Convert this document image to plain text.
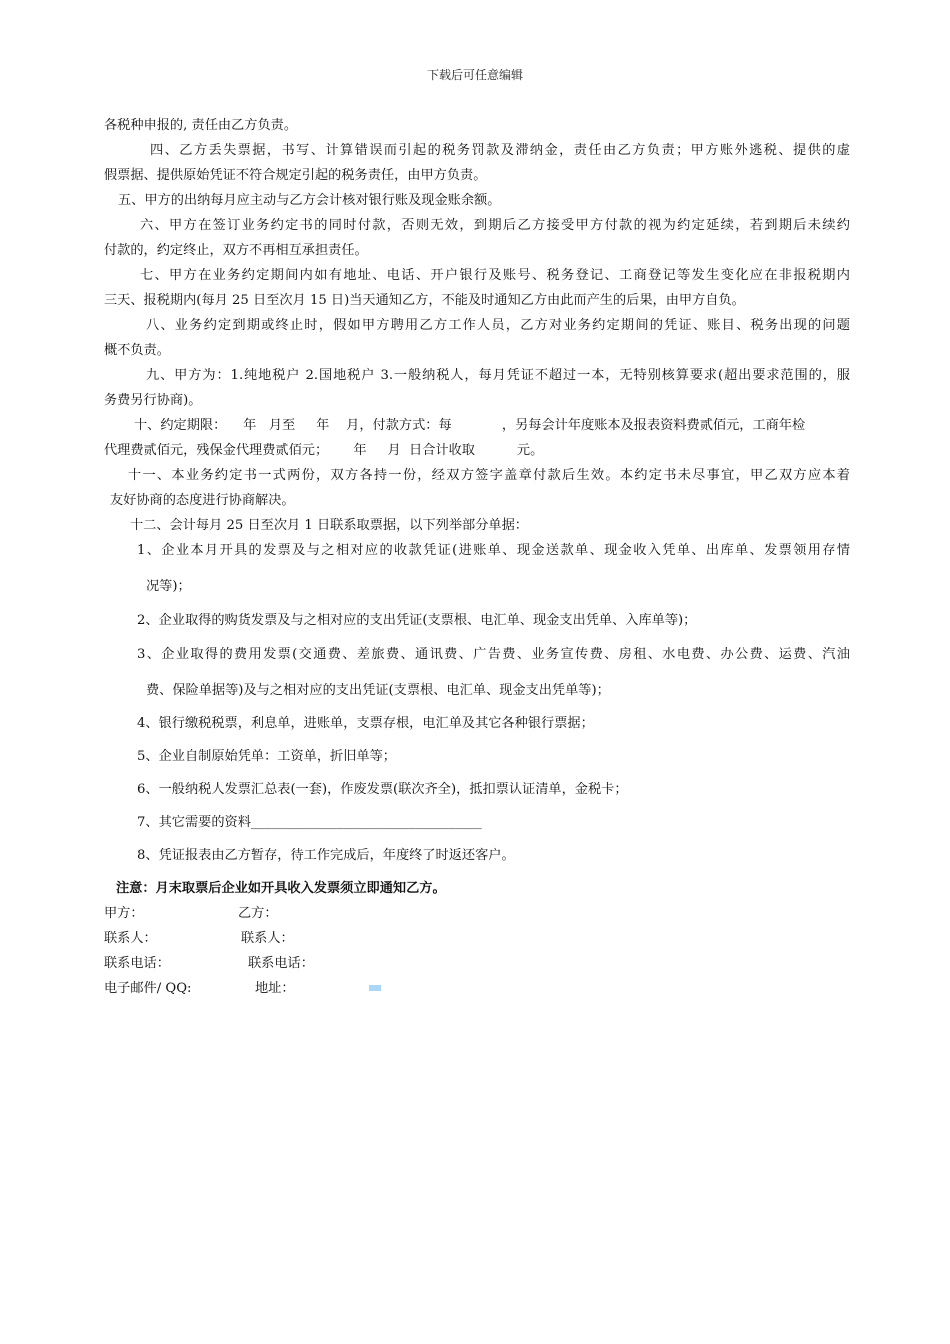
下载后可任意编辑
各税种申报的, 责任由乙方负责。
四、乙方丢失票据，书写、计算错误而引起的税务罚款及滞纳金，责任由乙方负责；甲方账外逃税、提供的虚
假票据、提供原始凭证不符合规定引起的税务责任，由甲方负责。
五、甲方的出纳每月应主动与乙方会计核对银行账及现金账余额。
六、甲方在签订业务约定书的同时付款，否则无效，到期后乙方接受甲方付款的视为约定延续，若到期后未续约
付款的，约定终止，双方不再相互承担责任。
七、甲方在业务约定期间内如有地址、电话、开户银行及账号、税务登记、工商登记等发生变化应在非报税期内
三天、报税期内(每月 25 日至次月 15 日)当天通知乙方，不能及时通知乙方由此而产生的后果，由甲方自负。
八、业务约定到期或终止时，假如甲方聘用乙方工作人员，乙方对业务约定期间的凭证、账目、税务出现的问题
概不负责。
九、甲方为：1.纯地税户 2.国地税户 3.一般纳税人，每月凭证不超过一本，无特别核算要求(超出要求范围的，服
务费另行协商)。
十、约定期限：    年   月至     年    月，付款方式：每            ，另每会计年度账本及报表资料费贰佰元，工商年检
代理费贰佰元，残保金代理费贰佰元；      年     月  日合计收取          元。
十一、本业务约定书一式两份，双方各持一份，经双方签字盖章付款后生效。本约定书未尽事宜，甲乙双方应本着
友好协商的态度进行协商解决。
十二、会计每月 25 日至次月 1 日联系取票据，以下列举部分单据：
1、企业本月开具的发票及与之相对应的收款凭证(进账单、现金送款单、现金收入凭单、出库单、发票领用存情
况等)；
2、企业取得的购货发票及与之相对应的支出凭证(支票根、电汇单、现金支出凭单、入库单等)；
3、企业取得的费用发票(交通费、差旅费、通讯费、广告费、业务宣传费、房租、水电费、办公费、运费、汽油
费、保险单据等)及与之相对应的支出凭证(支票根、电汇单、现金支出凭单等)；
4、银行缴税税票，利息单，进账单，支票存根，电汇单及其它各种银行票据；
5、企业自制原始凭单：工资单，折旧单等；
6、一般纳税人发票汇总表(一套)，作废发票(联次齐全)，抵扣票认证清单，金税卡；
7、其它需要的资料___________________________________
8、凭证报表由乙方暂存，待工作完成后，年度终了时返还客户。
注意：月末取票后企业如开具收入发票须立即通知乙方。
甲方：	乙方：
联系人：	联系人：
联系电话：	联系电话：
电子邮件/ QQ:	地址：
